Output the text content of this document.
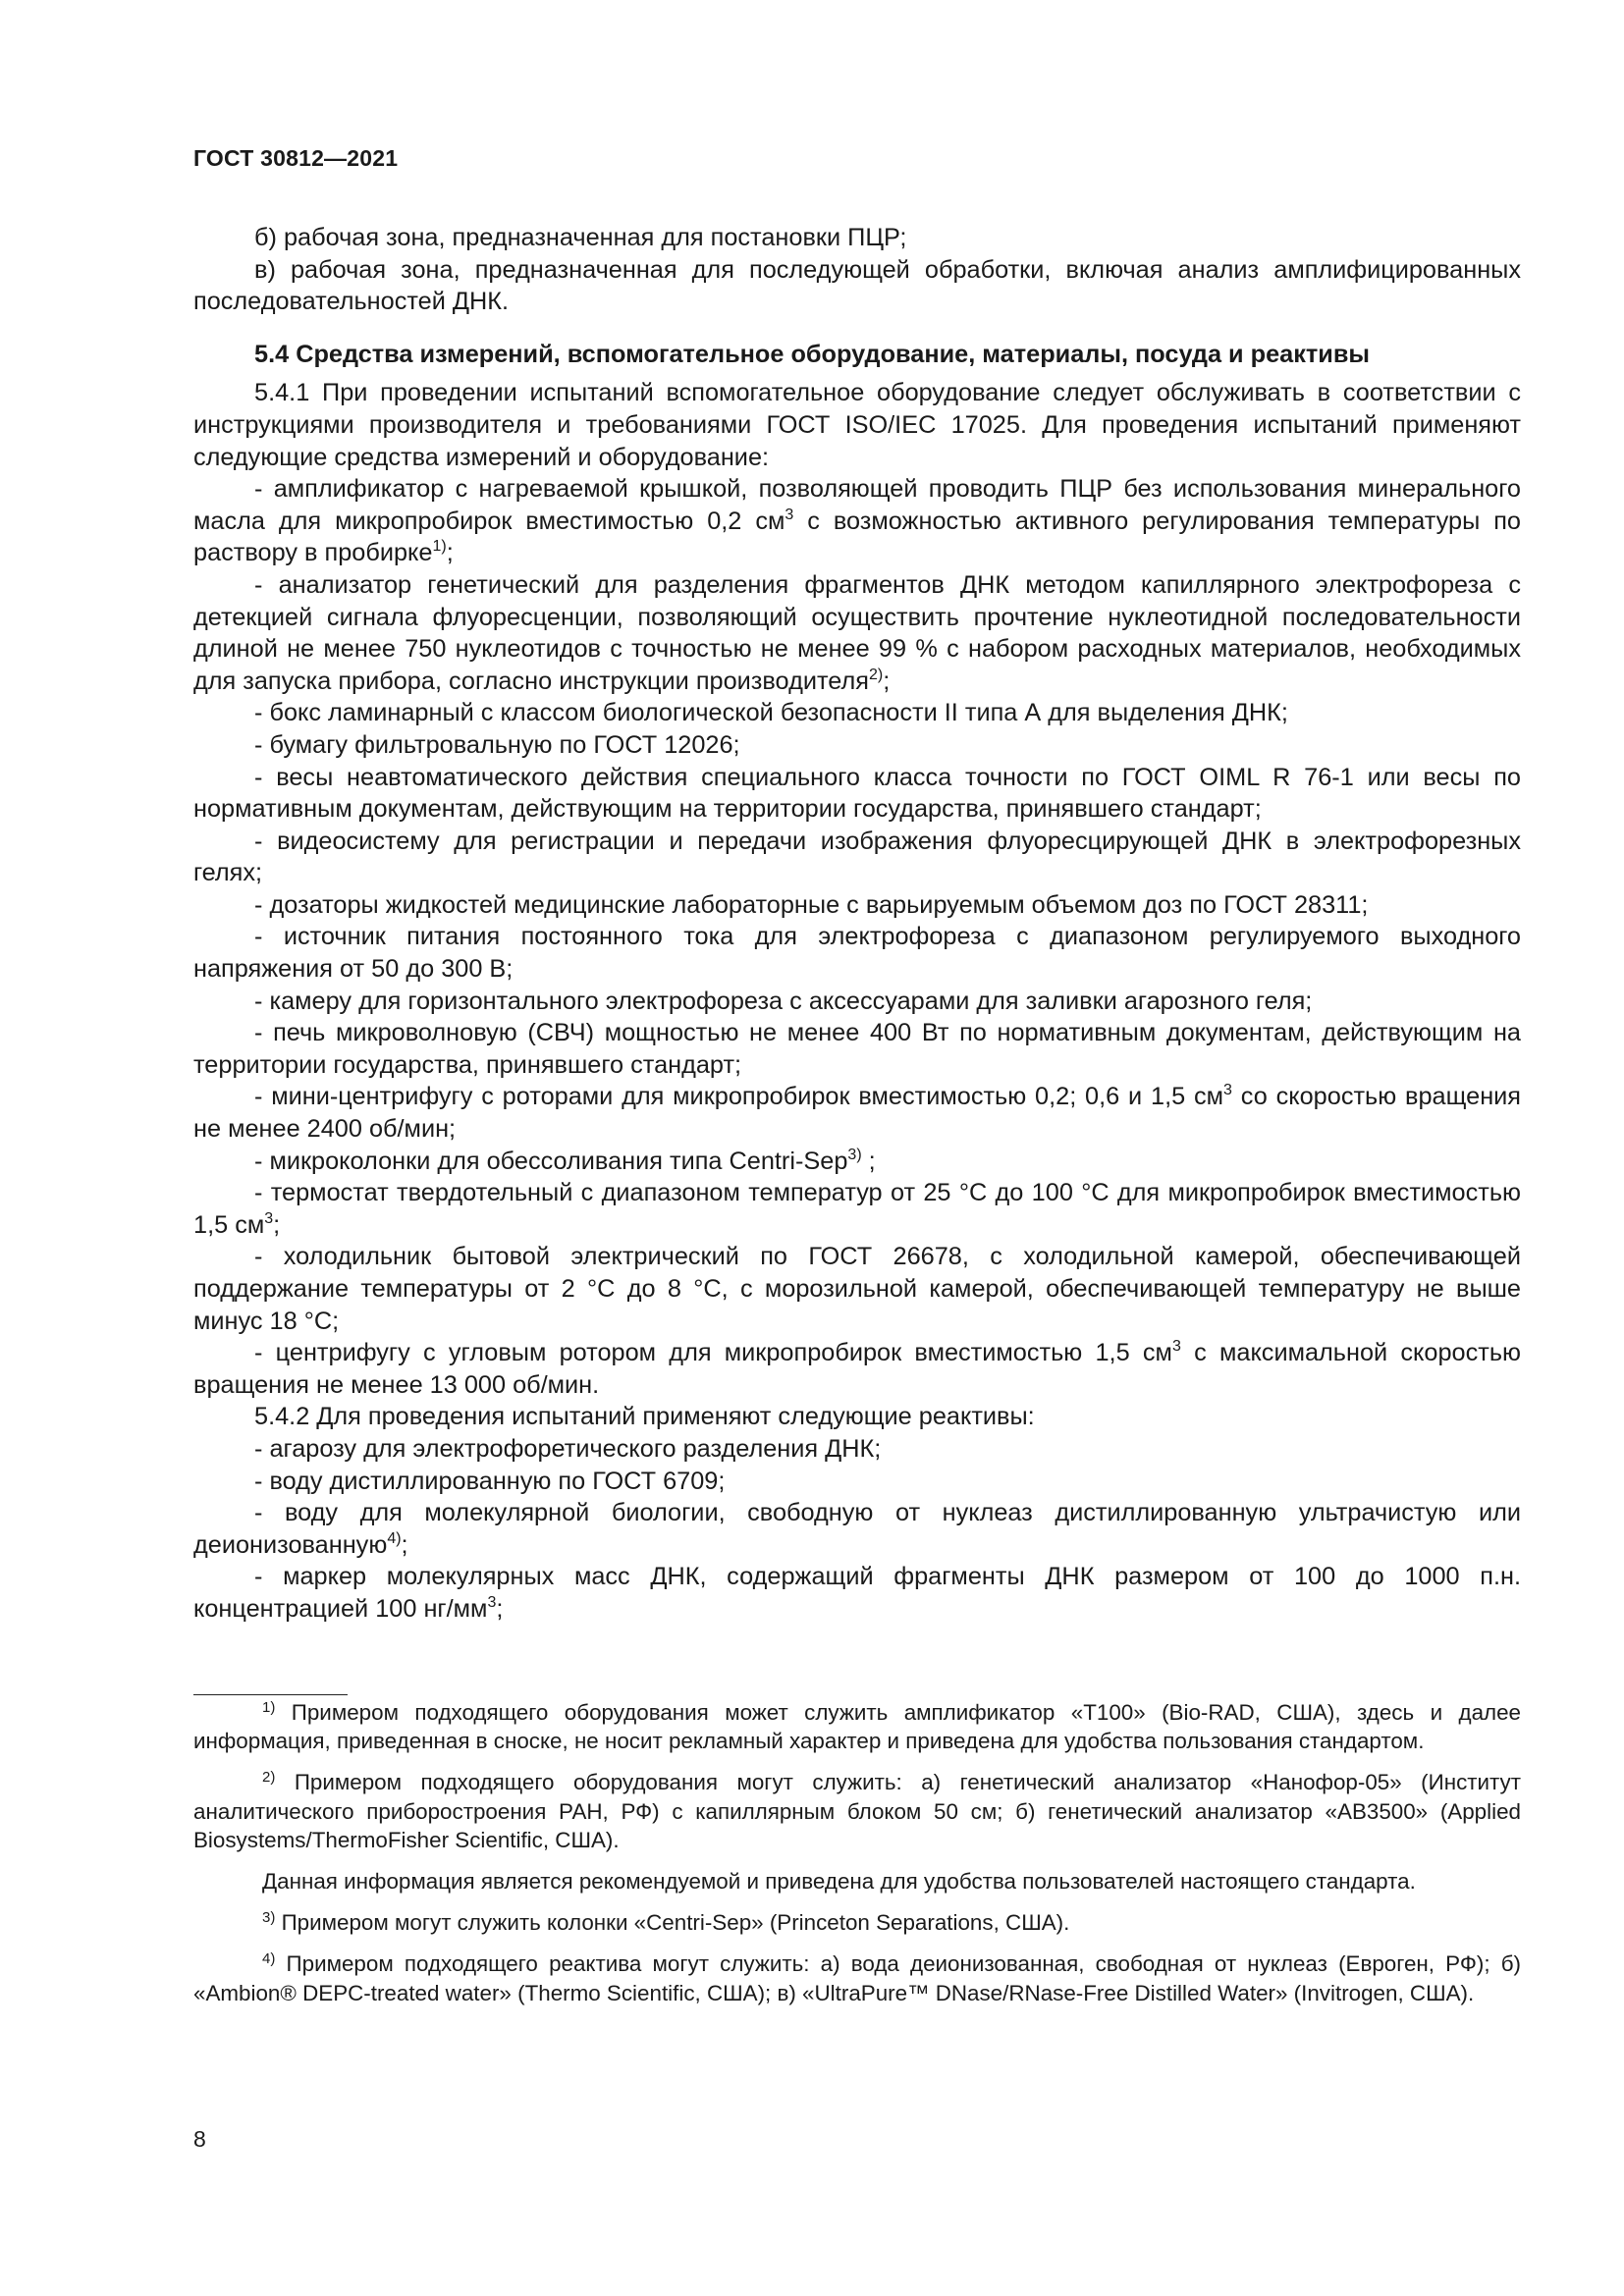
ГОСТ 30812—2021

б) рабочая зона, предназначенная для постановки ПЦР;

в) рабочая зона, предназначенная для последующей обработки, включая анализ амплифицированных последовательностей ДНК.

5.4 Средства измерений, вспомогательное оборудование, материалы, посуда и реактивы

5.4.1 При проведении испытаний вспомогательное оборудование следует обслуживать в соответствии с инструкциями производителя и требованиями ГОСТ ISO/IEC 17025. Для проведения испытаний применяют следующие средства измерений и оборудование:

- амплификатор с нагреваемой крышкой, позволяющей проводить ПЦР без использования минерального масла для микропробирок вместимостью 0,2 $см^3$ с возможностью активного регулирования температуры по раствору в пробирке$^{1)}$;

- анализатор генетический для разделения фрагментов ДНК методом капиллярного электрофореза с детекцией сигнала флуоресценции, позволяющий осуществить прочтение нуклеотидной последовательности длиной не менее 750 нуклеотидов с точностью не менее 99 % с набором расходных материалов, необходимых для запуска прибора, согласно инструкции производителя$^{2)}$;

- бокс ламинарный с классом биологической безопасности II типа А для выделения ДНК;

- бумагу фильтровальную по ГОСТ 12026;

- весы неавтоматического действия специального класса точности по ГОСТ OIML R 76-1 или весы по нормативным документам, действующим на территории государства, принявшего стандарт;

- видеосистему для регистрации и передачи изображения флуоресцирующей ДНК в электрофорезных гелях;

- дозаторы жидкостей медицинские лабораторные с варьируемым объемом доз по ГОСТ 28311;

- источник питания постоянного тока для электрофореза с диапазоном регулируемого выходного напряжения от 50 до 300 В;

- камеру для горизонтального электрофореза с аксессуарами для заливки агарозного геля;

- печь микроволновую (СВЧ) мощностью не менее 400 Вт по нормативным документам, действующим на территории государства, принявшего стандарт;

- мини-центрифугу с роторами для микропробирок вместимостью 0,2; 0,6 и 1,5 $см^3$ со скоростью вращения не менее 2400 об/мин;

- микроколонки для обессоливания типа Centri-Sep$^{3)}$ ;

- термостат твердотельный с диапазоном температур от 25 °С до 100 °С для микропробирок вместимостью 1,5 $см^3$;

- холодильник бытовой электрический по ГОСТ 26678, с холодильной камерой, обеспечивающей поддержание температуры от 2 °С до 8 °С, с морозильной камерой, обеспечивающей температуру не выше минус 18 °С;

- центрифугу с угловым ротором для микропробирок вместимостью 1,5 $см^3$ с максимальной скоростью вращения не менее 13 000 об/мин.

5.4.2 Для проведения испытаний применяют следующие реактивы:

- агарозу для электрофоретического разделения ДНК;

- воду дистиллированную по ГОСТ 6709;

- воду для молекулярной биологии, свободную от нуклеаз дистиллированную ультрачистую или деионизованную$^{4)}$;

- маркер молекулярных масс ДНК, содержащий фрагменты ДНК размером от 100 до 1000 п.н. концентрацией 100 $нг/мм^3$;

$^{1)}$ Примером подходящего оборудования может служить амплификатор «Т100» (Bio-RAD, США), здесь и далее информация, приведенная в сноске, не носит рекламный характер и приведена для удобства пользования стандартом.

$^{2)}$ Примером подходящего оборудования могут служить: а) генетический анализатор «Нанофор-05» (Институт аналитического приборостроения РАН, РФ) с капиллярным блоком 50 см; б) генетический анализатор «AB3500» (Applied Biosystems/ThermoFisher Scientific, США).

Данная информация является рекомендуемой и приведена для удобства пользователей настоящего стандарта.

$^{3)}$ Примером могут служить колонки «Centri-Sep» (Princeton Separations, США).

$^{4)}$ Примером подходящего реактива могут служить: а) вода деионизованная, свободная от нуклеаз (Евроген, РФ); б) «Ambion® DEPC-treated water» (Thermo Scientific, США); в) «UltraPure™ DNase/RNase-Free Distilled Water» (Invitrogen, США).

8
